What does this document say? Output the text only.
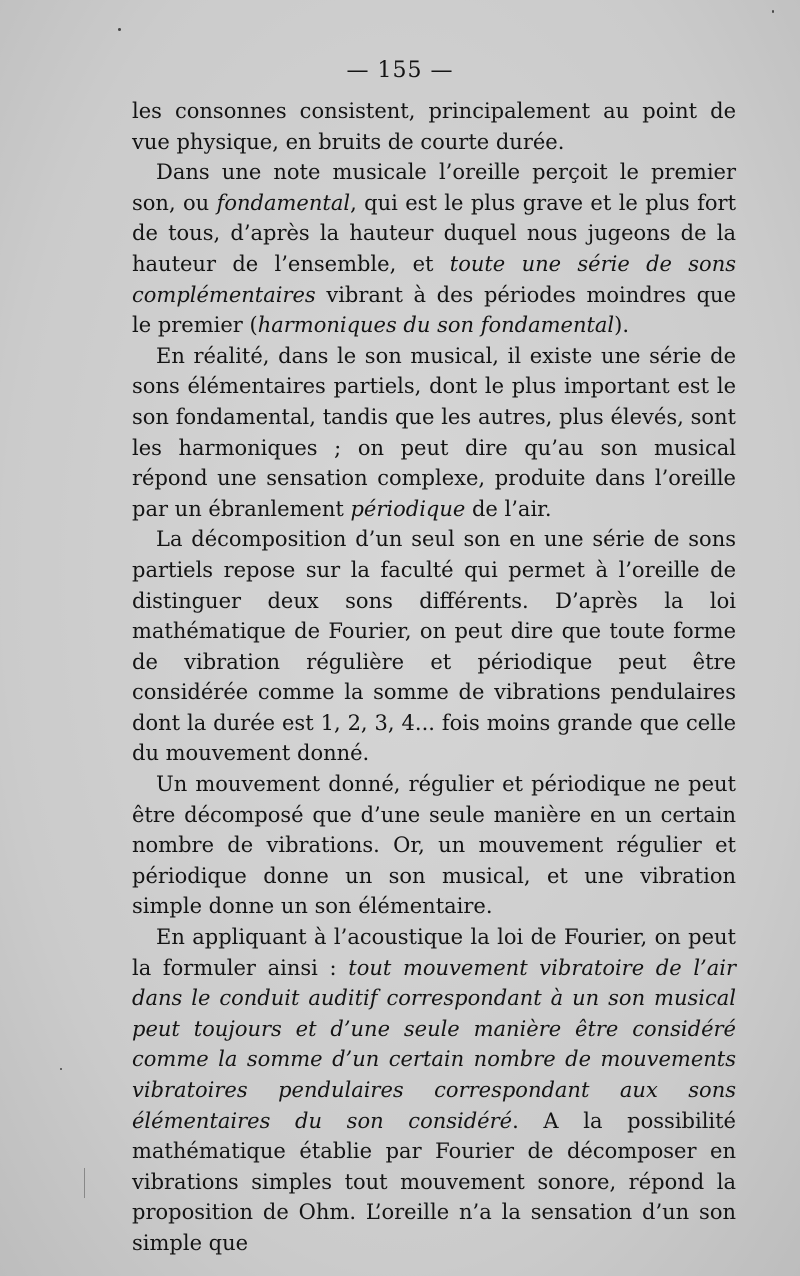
— 155 —

les consonnes consistent, principalement au point de vue physique, en bruits de courte durée.

Dans une note musicale l’oreille perçoit le premier son, ou fondamental, qui est le plus grave et le plus fort de tous, d’après la hauteur duquel nous jugeons de la hauteur de l’ensemble, et toute une série de sons complémentaires vibrant à des périodes moindres que le premier (harmoniques du son fondamental).

En réalité, dans le son musical, il existe une série de sons élémentaires partiels, dont le plus important est le son fondamental, tandis que les autres, plus élevés, sont les harmoniques ; on peut dire qu’au son musical répond une sensation complexe, produite dans l’oreille par un ébranlement périodique de l’air.

La décomposition d’un seul son en une série de sons partiels repose sur la faculté qui permet à l’oreille de distinguer deux sons différents. D’après la loi mathématique de Fourier, on peut dire que toute forme de vibration régulière et périodique peut être considérée comme la somme de vibrations pendulaires dont la durée est 1, 2, 3, 4... fois moins grande que celle du mouvement donné.

Un mouvement donné, régulier et périodique ne peut être décomposé que d’une seule manière en un certain nombre de vibrations. Or, un mouvement régulier et périodique donne un son musical, et une vibration simple donne un son élémentaire.

En appliquant à l’acoustique la loi de Fourier, on peut la formuler ainsi : tout mouvement vibratoire de l’air dans le conduit auditif correspondant à un son musical peut toujours et d’une seule manière être considéré comme la somme d’un certain nombre de mouvements vibratoires pendulaires correspondant aux sons élémentaires du son considéré. A la possibilité mathématique établie par Fourier de décomposer en vibrations simples tout mouvement sonore, répond la proposition de Ohm. L’oreille n’a la sensation d’un son simple que
